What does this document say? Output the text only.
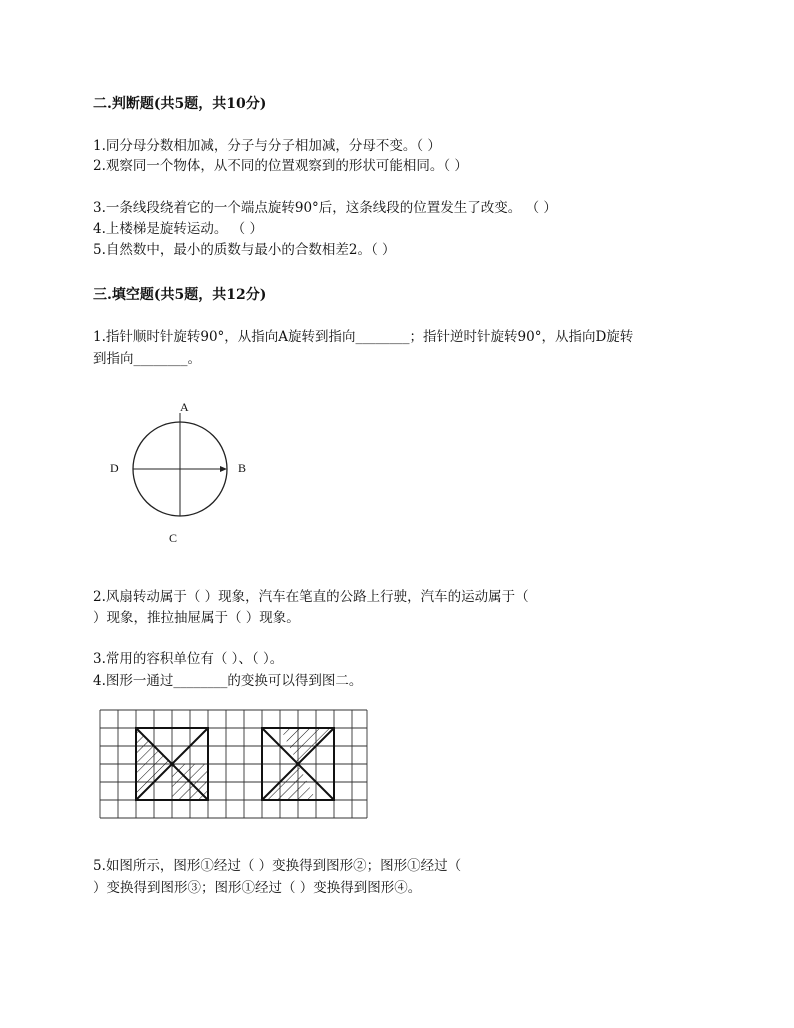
二.判断题(共5题，共10分)
1.同分母分数相加减，分子与分子相加减，分母不变。（ ）
2.观察同一个物体，从不同的位置观察到的形状可能相同。（ ）
3.一条线段绕着它的一个端点旋转90°后，这条线段的位置发生了改变。 （ ）
4.上楼梯是旋转运动。 （ ）
5.自然数中，最小的质数与最小的合数相差2。（ ）
三.填空题(共5题，共12分)
1.指针顺时针旋转90°，从指向A旋转到指向________；指针逆时针旋转90°，从指向D旋转
到指向________。
A
B
C
D
2.风扇转动属于（ ）现象，汽车在笔直的公路上行驶，汽车的运动属于（
）现象，推拉抽屉属于（ ）现象。
3.常用的容积单位有（ ）、（ ）。
4.图形一通过________的变换可以得到图二。
5.如图所示，图形①经过（ ）变换得到图形②；图形①经过（
）变换得到图形③；图形①经过（ ）变换得到图形④。
